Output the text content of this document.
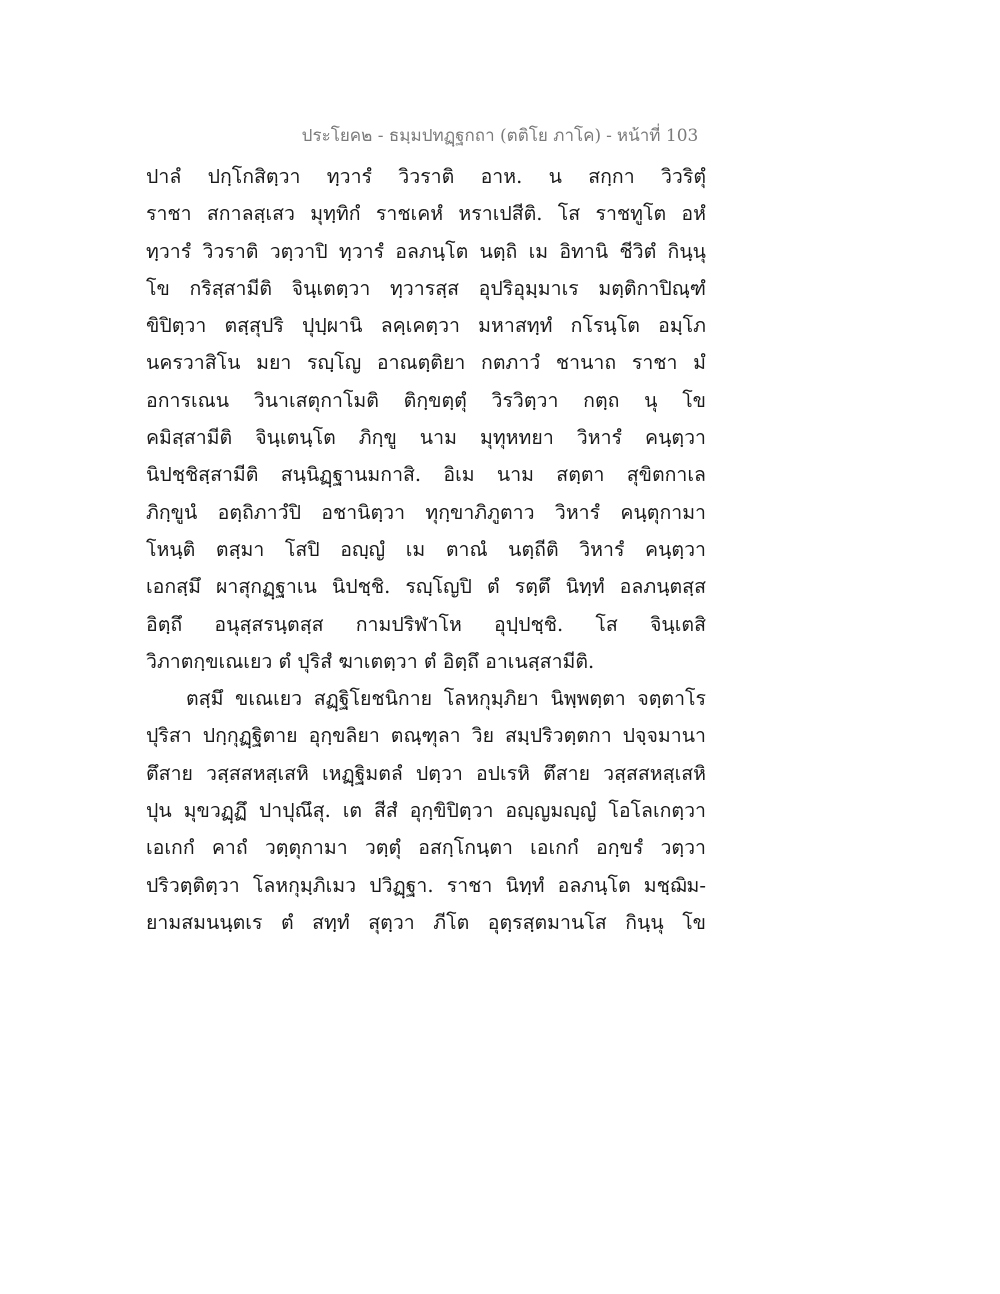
ประโยค๒ - ธมฺมปทฏฺฐกถา (ตติโย ภาโค) - หน้าที่ 103
ปาลํ ปกฺโกสิตฺวา ทฺวารํ วิวราติ อาห. น สกฺกา วิวริตุํ
ราชา สกาลสฺเสว มุทฺทิกํ ราชเคหํ หราเปสีติ. โส ราชทูโต อหํ
ทฺวารํ วิวราติ วตฺวาปิ ทฺวารํ อลภนฺโต นตฺถิ เม อิทานิ ชีวิตํ กินฺนุ
โข กริสฺสามีติ จินฺเตตฺวา ทฺวารสฺส อุปริอุมฺมาเร มตฺติกาปิณฺฑํ
ขิปิตฺวา ตสฺสุปริ ปุปฺผานิ ลคฺเคตฺวา มหาสทฺทํ กโรนฺโต อมฺโภ
นครวาสิโน มยา รญฺโญ อาณตฺติยา กตภาวํ ชานาถ ราชา มํ
อการเณน วินาเสตุกาโมติ ติกฺขตฺตุํ วิรวิตฺวา กตฺถ นุ โข
คมิสฺสามีติ จินฺเตนฺโต ภิกฺขู นาม มุทุหทยา วิหารํ คนฺตฺวา
นิปชฺชิสฺสามีติ สนฺนิฏฺฐานมกาสิ. อิเม นาม สตฺตา สุขิตกาเล
ภิกฺขูนํ อตฺถิภาวํปิ อชานิตฺวา ทุกฺขาภิภูตาว วิหารํ คนฺตุกามา
โหนฺติ ตสฺมา โสปิ อญฺญํ เม ตาณํ นตฺถีติ วิหารํ คนฺตฺวา
เอกสฺมึ ผาสุกฏฺฐาเน นิปชฺชิ. รญฺโญปิ ตํ รตฺตึ นิทฺทํ อลภนฺตสฺส
อิตฺถึ อนุสฺสรนฺตสฺส กามปริฬาโห อุปฺปชฺชิ. โส จินฺเตสิ
วิภาตกฺขเณเยว ตํ ปุริสํ ฆาเตตฺวา ตํ อิตฺถึ อาเนสฺสามีติ.
ตสฺมึ ขเณเยว สฏฺฐิโยชนิกาย โลหกุมฺภิยา นิพฺพตฺตา จตฺตาโร
ปุริสา ปกฺกุฏฺฐิตาย อุกฺขลิยา ตณฺฑุลา วิย สมฺปริวตฺตกา ปจฺจมานา
ตึสาย วสฺสสหสฺเสหิ เหฏฺฐิมตลํ ปตฺวา อปเรหิ ตึสาย วสฺสสหสฺเสหิ
ปุน มุขวฏฺฏึ ปาปุณึสุ. เต สีสํ อุกฺขิปิตฺวา อญฺญมญฺญํ โอโลเกตฺวา
เอเกกํ คาถํ วตฺตุกามา วตฺตุํ อสกฺโกนฺตา เอเกกํ อกฺขรํ วตฺวา
ปริวตฺติตฺวา โลหกุมฺภิเมว ปวิฏฺฐา. ราชา นิทฺทํ อลภนฺโต มชฺฌิม-
ยามสมนนฺตเร ตํ สทฺทํ สุตฺวา ภีโต อุตฺรสฺตมานโส กินฺนุ โข
